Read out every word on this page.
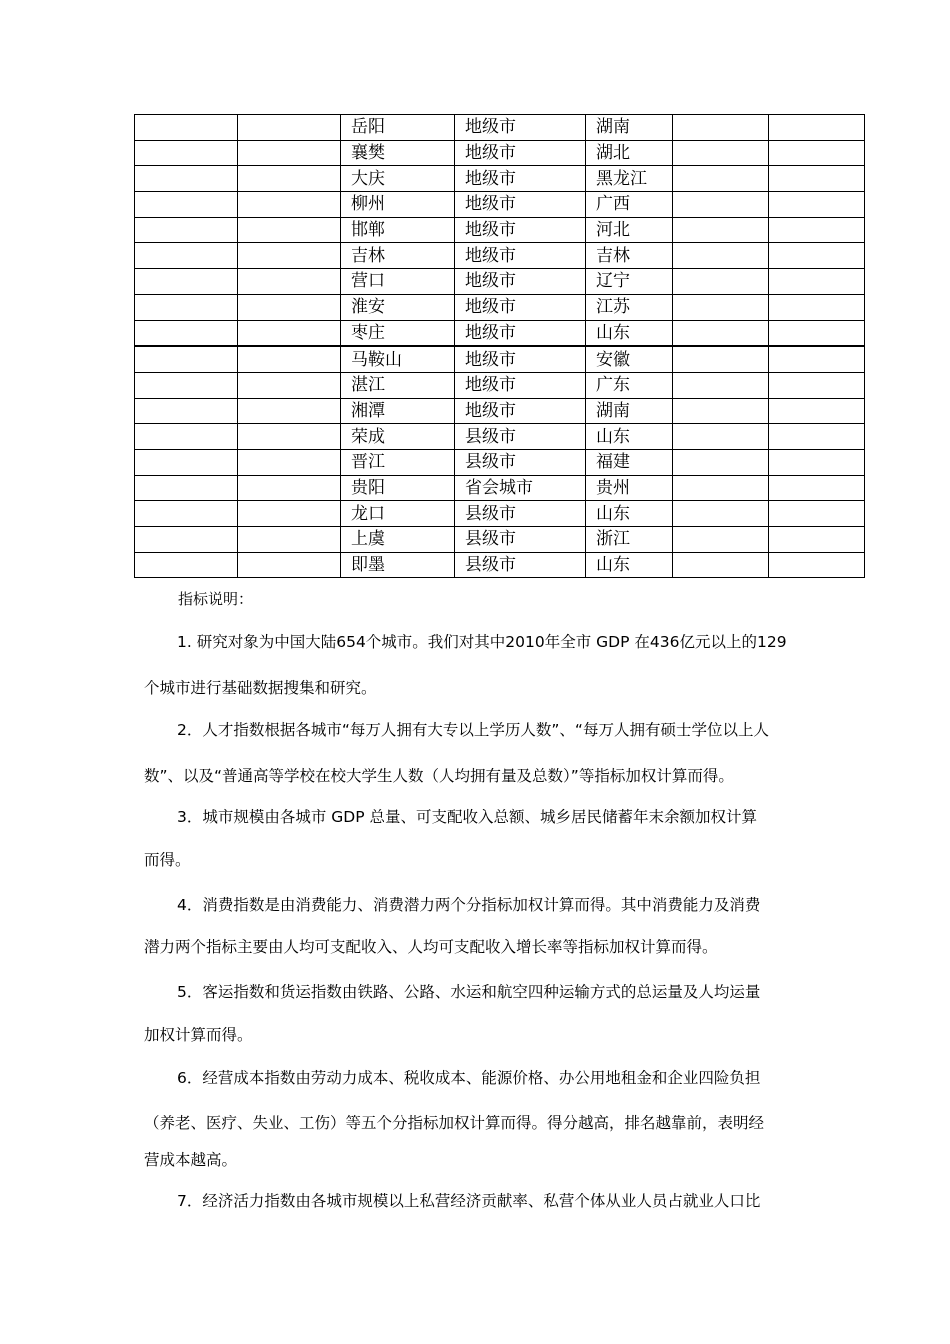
		岳阳	地级市	湖南		
		襄樊	地级市	湖北		
		大庆	地级市	黑龙江		
		柳州	地级市	广西		
		邯郸	地级市	河北		
		吉林	地级市	吉林		
		营口	地级市	辽宁		
		淮安	地级市	江苏		
		枣庄	地级市	山东		
		马鞍山	地级市	安徽		
		湛江	地级市	广东		
		湘潭	地级市	湖南		
		荣成	县级市	山东		
		晋江	县级市	福建		
		贵阳	省会城市	贵州		
		龙口	县级市	山东		
		上虞	县级市	浙江		
		即墨	县级市	山东		
指标说明：
1. 研究对象为中国大陆654个城市。我们对其中2010年全市 GDP 在436亿元以上的129
个城市进行基础数据搜集和研究。
2．人才指数根据各城市“每万人拥有大专以上学历人数”、“每万人拥有硕士学位以上人
数”、以及“普通高等学校在校大学生人数（人均拥有量及总数）”等指标加权计算而得。
3．城市规模由各城市 GDP 总量、可支配收入总额、城乡居民储蓄年末余额加权计算
而得。
4．消费指数是由消费能力、消费潜力两个分指标加权计算而得。其中消费能力及消费
潜力两个指标主要由人均可支配收入、人均可支配收入增长率等指标加权计算而得。
5．客运指数和货运指数由铁路、公路、水运和航空四种运输方式的总运量及人均运量
加权计算而得。
6．经营成本指数由劳动力成本、税收成本、能源价格、办公用地租金和企业四险负担
（养老、医疗、失业、工伤）等五个分指标加权计算而得。得分越高，排名越靠前，表明经
营成本越高。
7．经济活力指数由各城市规模以上私营经济贡献率、私营个体从业人员占就业人口比
